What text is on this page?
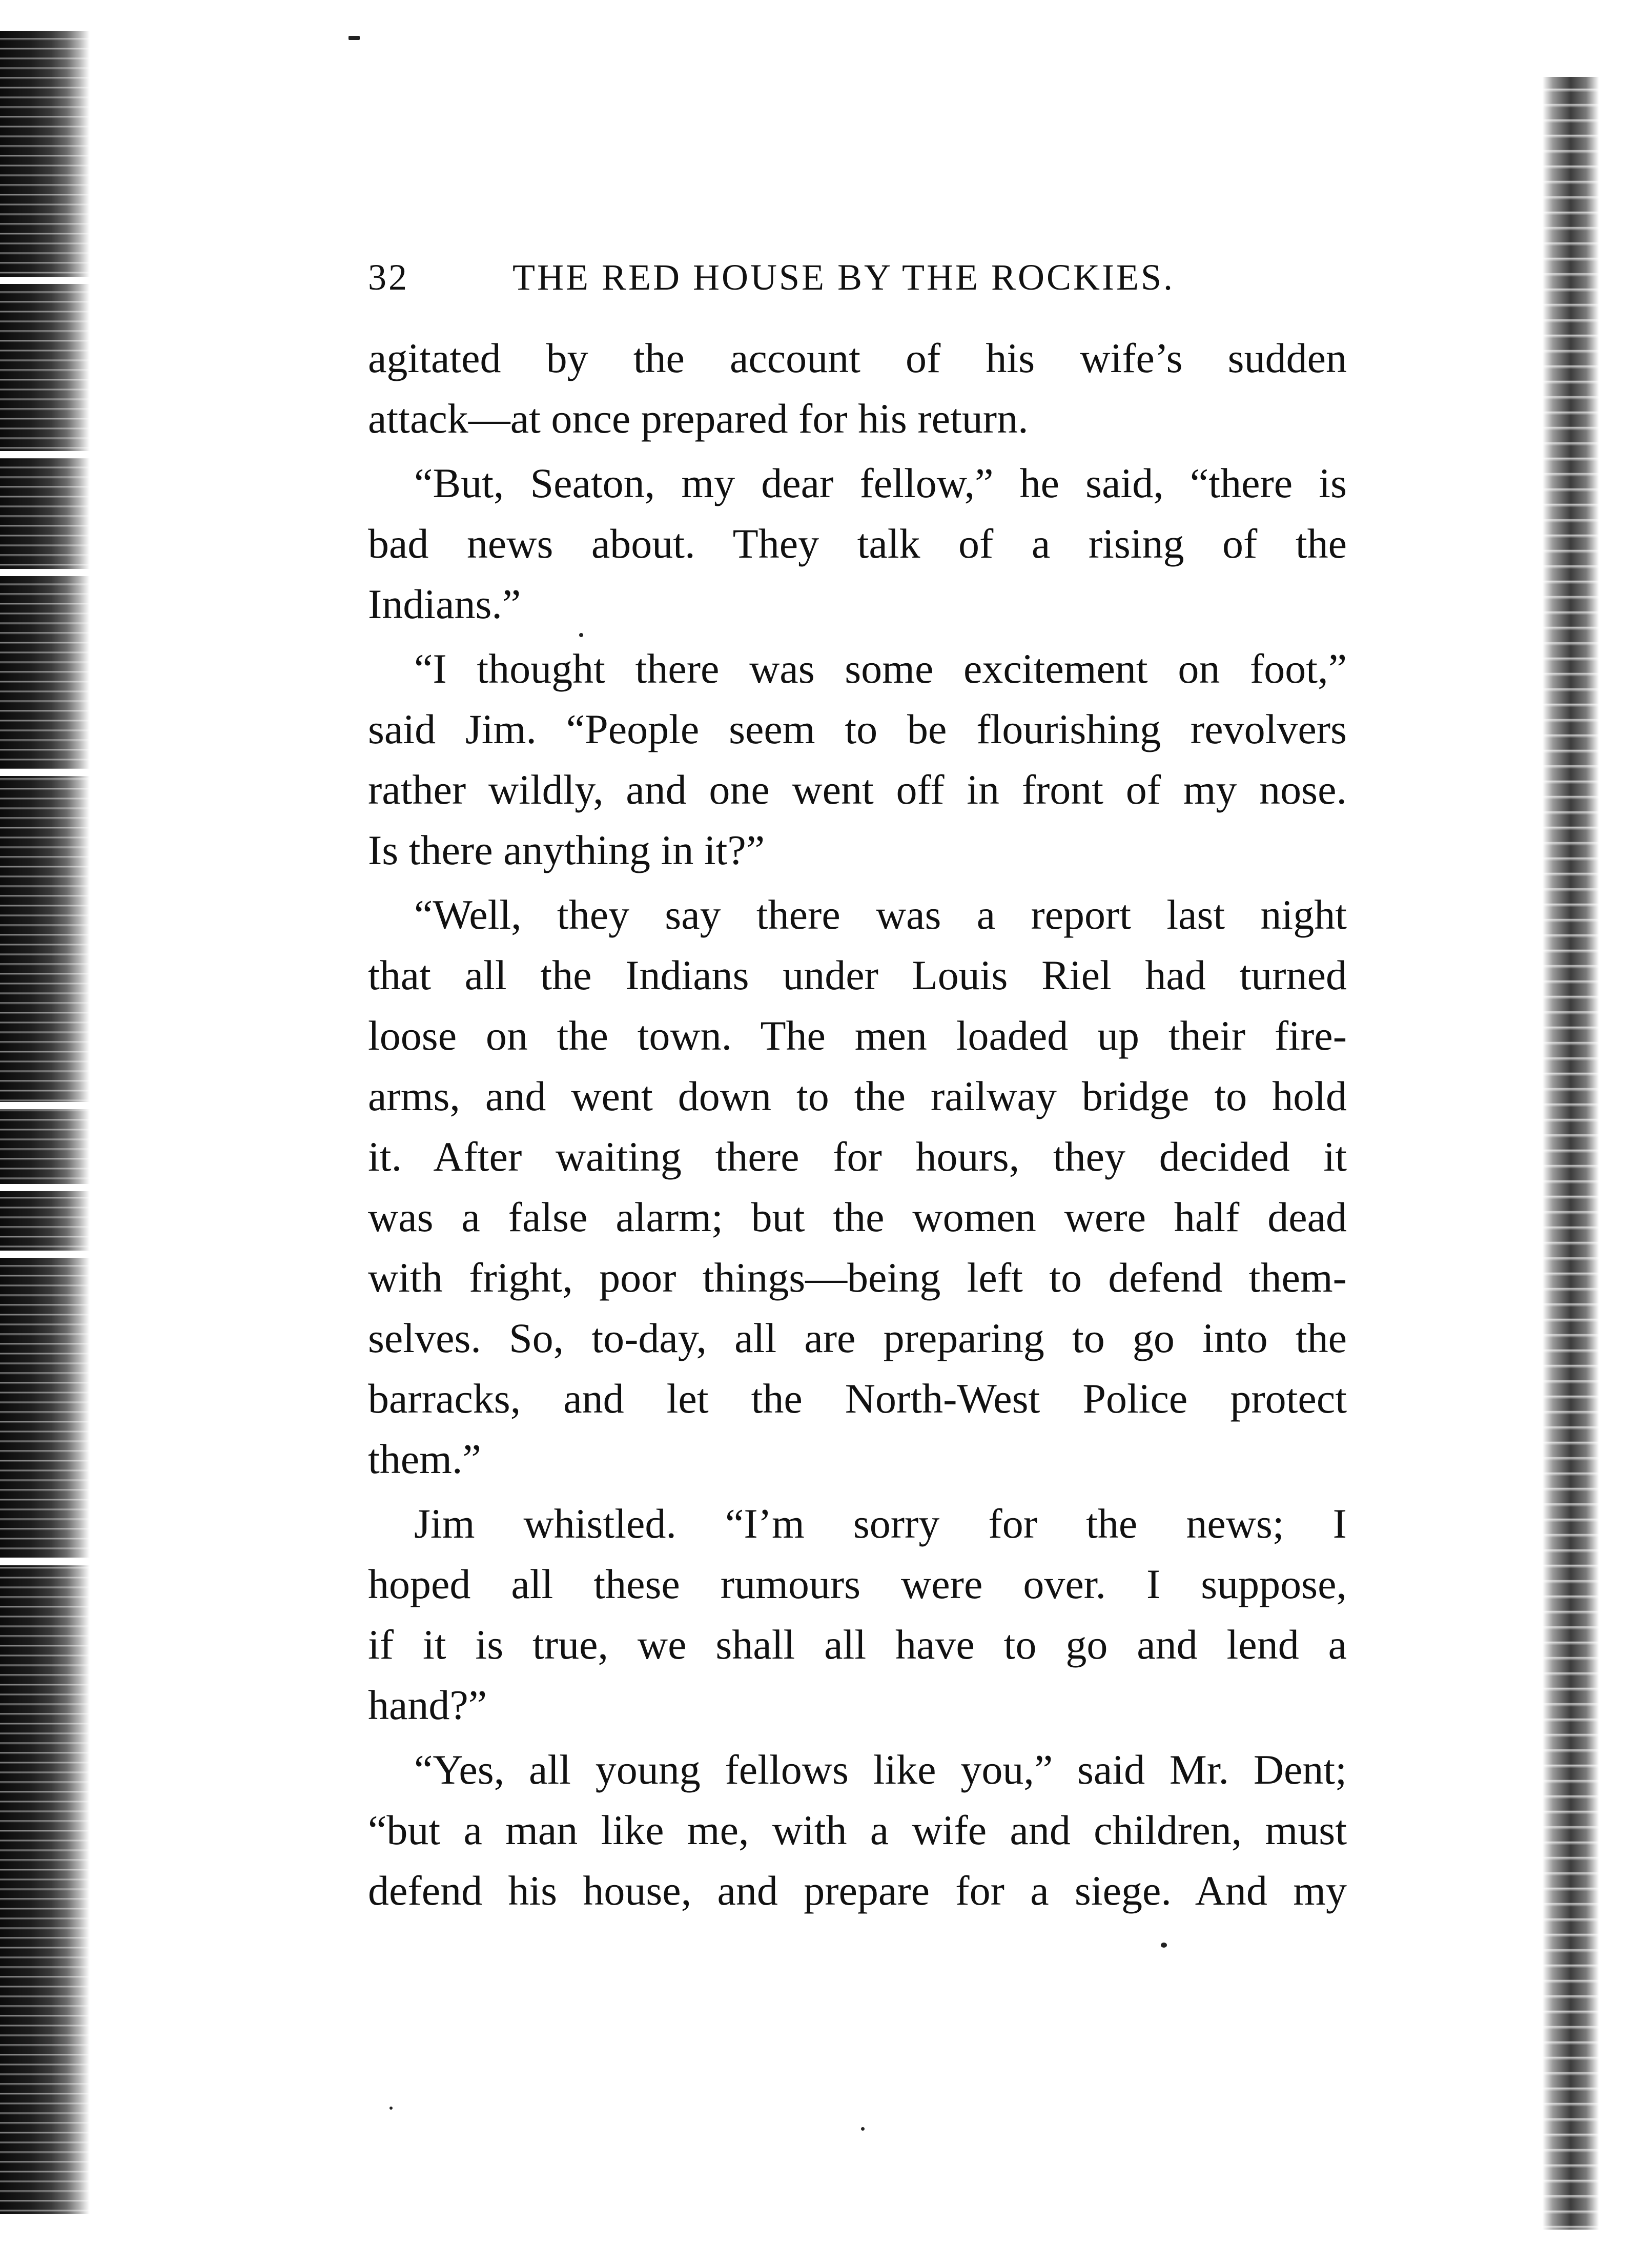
32	THE RED HOUSE BY THE ROCKIES.
agitated by the account of his wife’s sudden
attack—at once prepared for his return.
“But, Seaton, my dear fellow,” he said, “there is
bad news about. They talk of a rising of the
Indians.”
“I thought there was some excitement on foot,”
said Jim. “People seem to be flourishing revolvers
rather wildly, and one went off in front of my nose.
Is there anything in it?”
“Well, they say there was a report last night
that all the Indians under Louis Riel had turned
loose on the town. The men loaded up their fire-
arms, and went down to the railway bridge to hold
it. After waiting there for hours, they decided it
was a false alarm; but the women were half dead
with fright, poor things—being left to defend them-
selves. So, to-day, all are preparing to go into the
barracks, and let the North-West Police protect
them.”
Jim whistled. “I’m sorry for the news; I
hoped all these rumours were over. I suppose,
if it is true, we shall all have to go and lend a
hand?”
“Yes, all young fellows like you,” said Mr. Dent;
“but a man like me, with a wife and children, must
defend his house, and prepare for a siege. And my
